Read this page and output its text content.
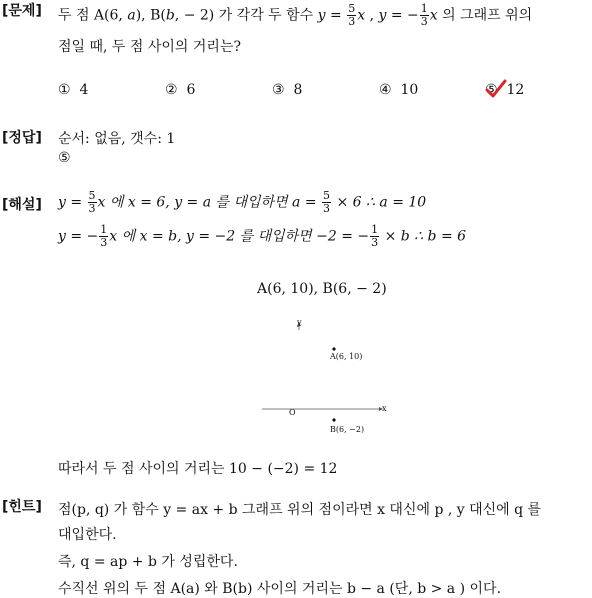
[문제]
[정답]
[해설]
[힌트]
두 점 A(6, a), B(b, − 2) 가 각각 두 함수 $y = \frac{5}{3}$ x , y = − $\frac{1}{3}$ x 의 그래프 위의
점일 때, 두 점 사이의 거리는?
① 4	② 6	③ 8	④ 10	⑤ 12
순서: 없음, 갯수: 1
⑤
$y = \frac{5}{3}$ x 에 x = 6, y = a 를 대입하면 $a = \frac{5}{3} \times 6$ ∴ a = 10
y = − $\frac{1}{3}$ x 에 x = b, y = −2 를 대입하면 −2 = − $\frac{1}{3} \times b$ ∴ b = 6
A(6, 10), B(6, − 2)
y
x
O
A(6, 10)
B(6, −2)
따라서 두 점 사이의 거리는 10 − (−2) = 12
점(p, q) 가 함수 y = ax + b 그래프 위의 점이라면 x 대신에 p , y 대신에 q 를
대입한다.
즉, q = ap + b 가 성립한다.
수직선 위의 두 점 A(a) 와 B(b) 사이의 거리는 b − a (단, b > a ) 이다.
